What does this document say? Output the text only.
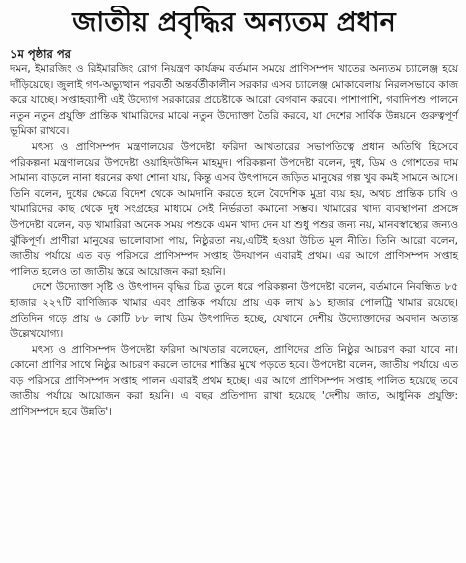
জাতীয় প্রবৃদ্ধির অন্যতম প্রধান
১ম পৃষ্ঠার পর

দমন, ইমারজিং ও রিইমারজিং রোগ নিয়ন্ত্রণ কার্যক্রম বর্তমান সময়ে প্রাণিসম্পদ খাতের অন্যতম চ্যালেঞ্জ হয়ে দাঁড়িয়েছে। জুলাই গণ-অভ্যুত্থান পরবর্তী অন্তর্বর্তীকালীন সরকার এসব চ্যালেঞ্জ মোকাবেলায় নিরলসভাবে কাজ করে যাচ্ছে। সপ্তাহব্যাপী এই উদ্যোগ সরকারের প্রচেষ্টাকে আরো বেগবান করবে। পাশাপাশি, গবাদিপশু পালনে নতুন নতুন প্রযুক্তি প্রান্তিক খামারিদের মাঝে নতুন উদ্যোক্তা তৈরি করবে, যা দেশের সার্বিক উন্নয়নে গুরুত্বপূর্ণ ভূমিকা রাখবে।

মৎস্য ও প্রাণিসম্পদ মন্ত্রণালয়ের উপদেষ্টা ফরিদা আখতারের সভাপতিত্বে প্রধান অতিথি হিসেবে পরিকল্পনা মন্ত্রণালয়ের উপদেষ্টা ওয়াহিদউদ্দিন মাহমুদ। পরিকল্পনা উপদেষ্টা বলেন, দুধ, ডিম ও গোশতের দাম সামান্য বাড়লে নানা ধরনের কথা শোনা যায়, কিন্তু এসব উৎপাদনে জড়িত মানুষের গল্প খুব কমই সামনে আসে। তিনি বলেন, দুধের ক্ষেত্রে বিদেশ থেকে আমদানি করতে হলে বৈদেশিক মুদ্রা ব্যয় হয়, অথচ প্রান্তিক চাষি ও খামারিদের কাছ থেকে দুধ সংগ্রহের মাধ্যমে সেই নির্ভরতা কমানো সম্ভব। খামারের খাদ্য ব্যবস্থাপনা প্রসঙ্গে উপদেষ্টা বলেন, বড় খামারিরা অনেক সময় পশুকে এমন খাদ্য দেন যা শুধু পশুর জন্য নয়, মানবস্বাস্থ্যের জন্যও ঝুঁকিপূর্ণ। প্রাণীরা মানুষের ভালোবাসা পায়, নিষ্ঠুরতা নয়,এটিই হওয়া উচিত মূল নীতি। তিনি আরো বলেন, জাতীয় পর্যায়ে এত বড় পরিসরে প্রাণিসম্পদ সপ্তাহ উদযাপন এবারই প্রথম। এর আগে প্রাণিসম্পদ সপ্তাহ পালিত হলেও তা জাতীয় স্তরে আয়োজন করা হয়নি।

দেশে উদ্যোক্তা সৃষ্টি ও উৎপাদন বৃদ্ধির চিত্র তুলে ধরে পরিকল্পনা উপদেষ্টা বলেন, বর্তমানে নিবন্ধিত ৮৫ হাজার ২২৭টি বাণিজ্যিক খামার এবং প্রান্তিক পর্যায়ে প্রায় এক লাখ ৯১ হাজার পোলট্রি খামার রয়েছে। প্রতিদিন গড়ে প্রায় ৬ কোটি ৮৮ লাখ ডিম উৎপাদিত হচ্ছে, যেখানে দেশীয় উদ্যোক্তাদের অবদান অত্যন্ত উল্লেখযোগ্য।

মৎস্য ও প্রাণিসম্পদ উপদেষ্টা ফরিদা আখতার বলেছেন, প্রাণিদের প্রতি নিষ্ঠুর আচরণ করা যাবে না। কোনো প্রাণির সাথে নিষ্ঠুর আচরণ করলে তাদের শাস্তির মুখে পড়তে হবে। উপদেষ্টা বলেন, জাতীয় পর্যায়ে এত বড় পরিসরে প্রাণিসম্পদ সপ্তাহ পালন এবারই প্রথম হচ্ছে। এর আগে প্রাণিসম্পদ সপ্তাহ পালিত হয়েছে তবে জাতীয় পর্যায়ে আয়োজন করা হয়নি। এ বছর প্রতিপাদ্য রাখা হয়েছে 'দেশীয় জাত, আধুনিক প্রযুক্তি: প্রাণিসম্পদে হবে উন্নতি'।
